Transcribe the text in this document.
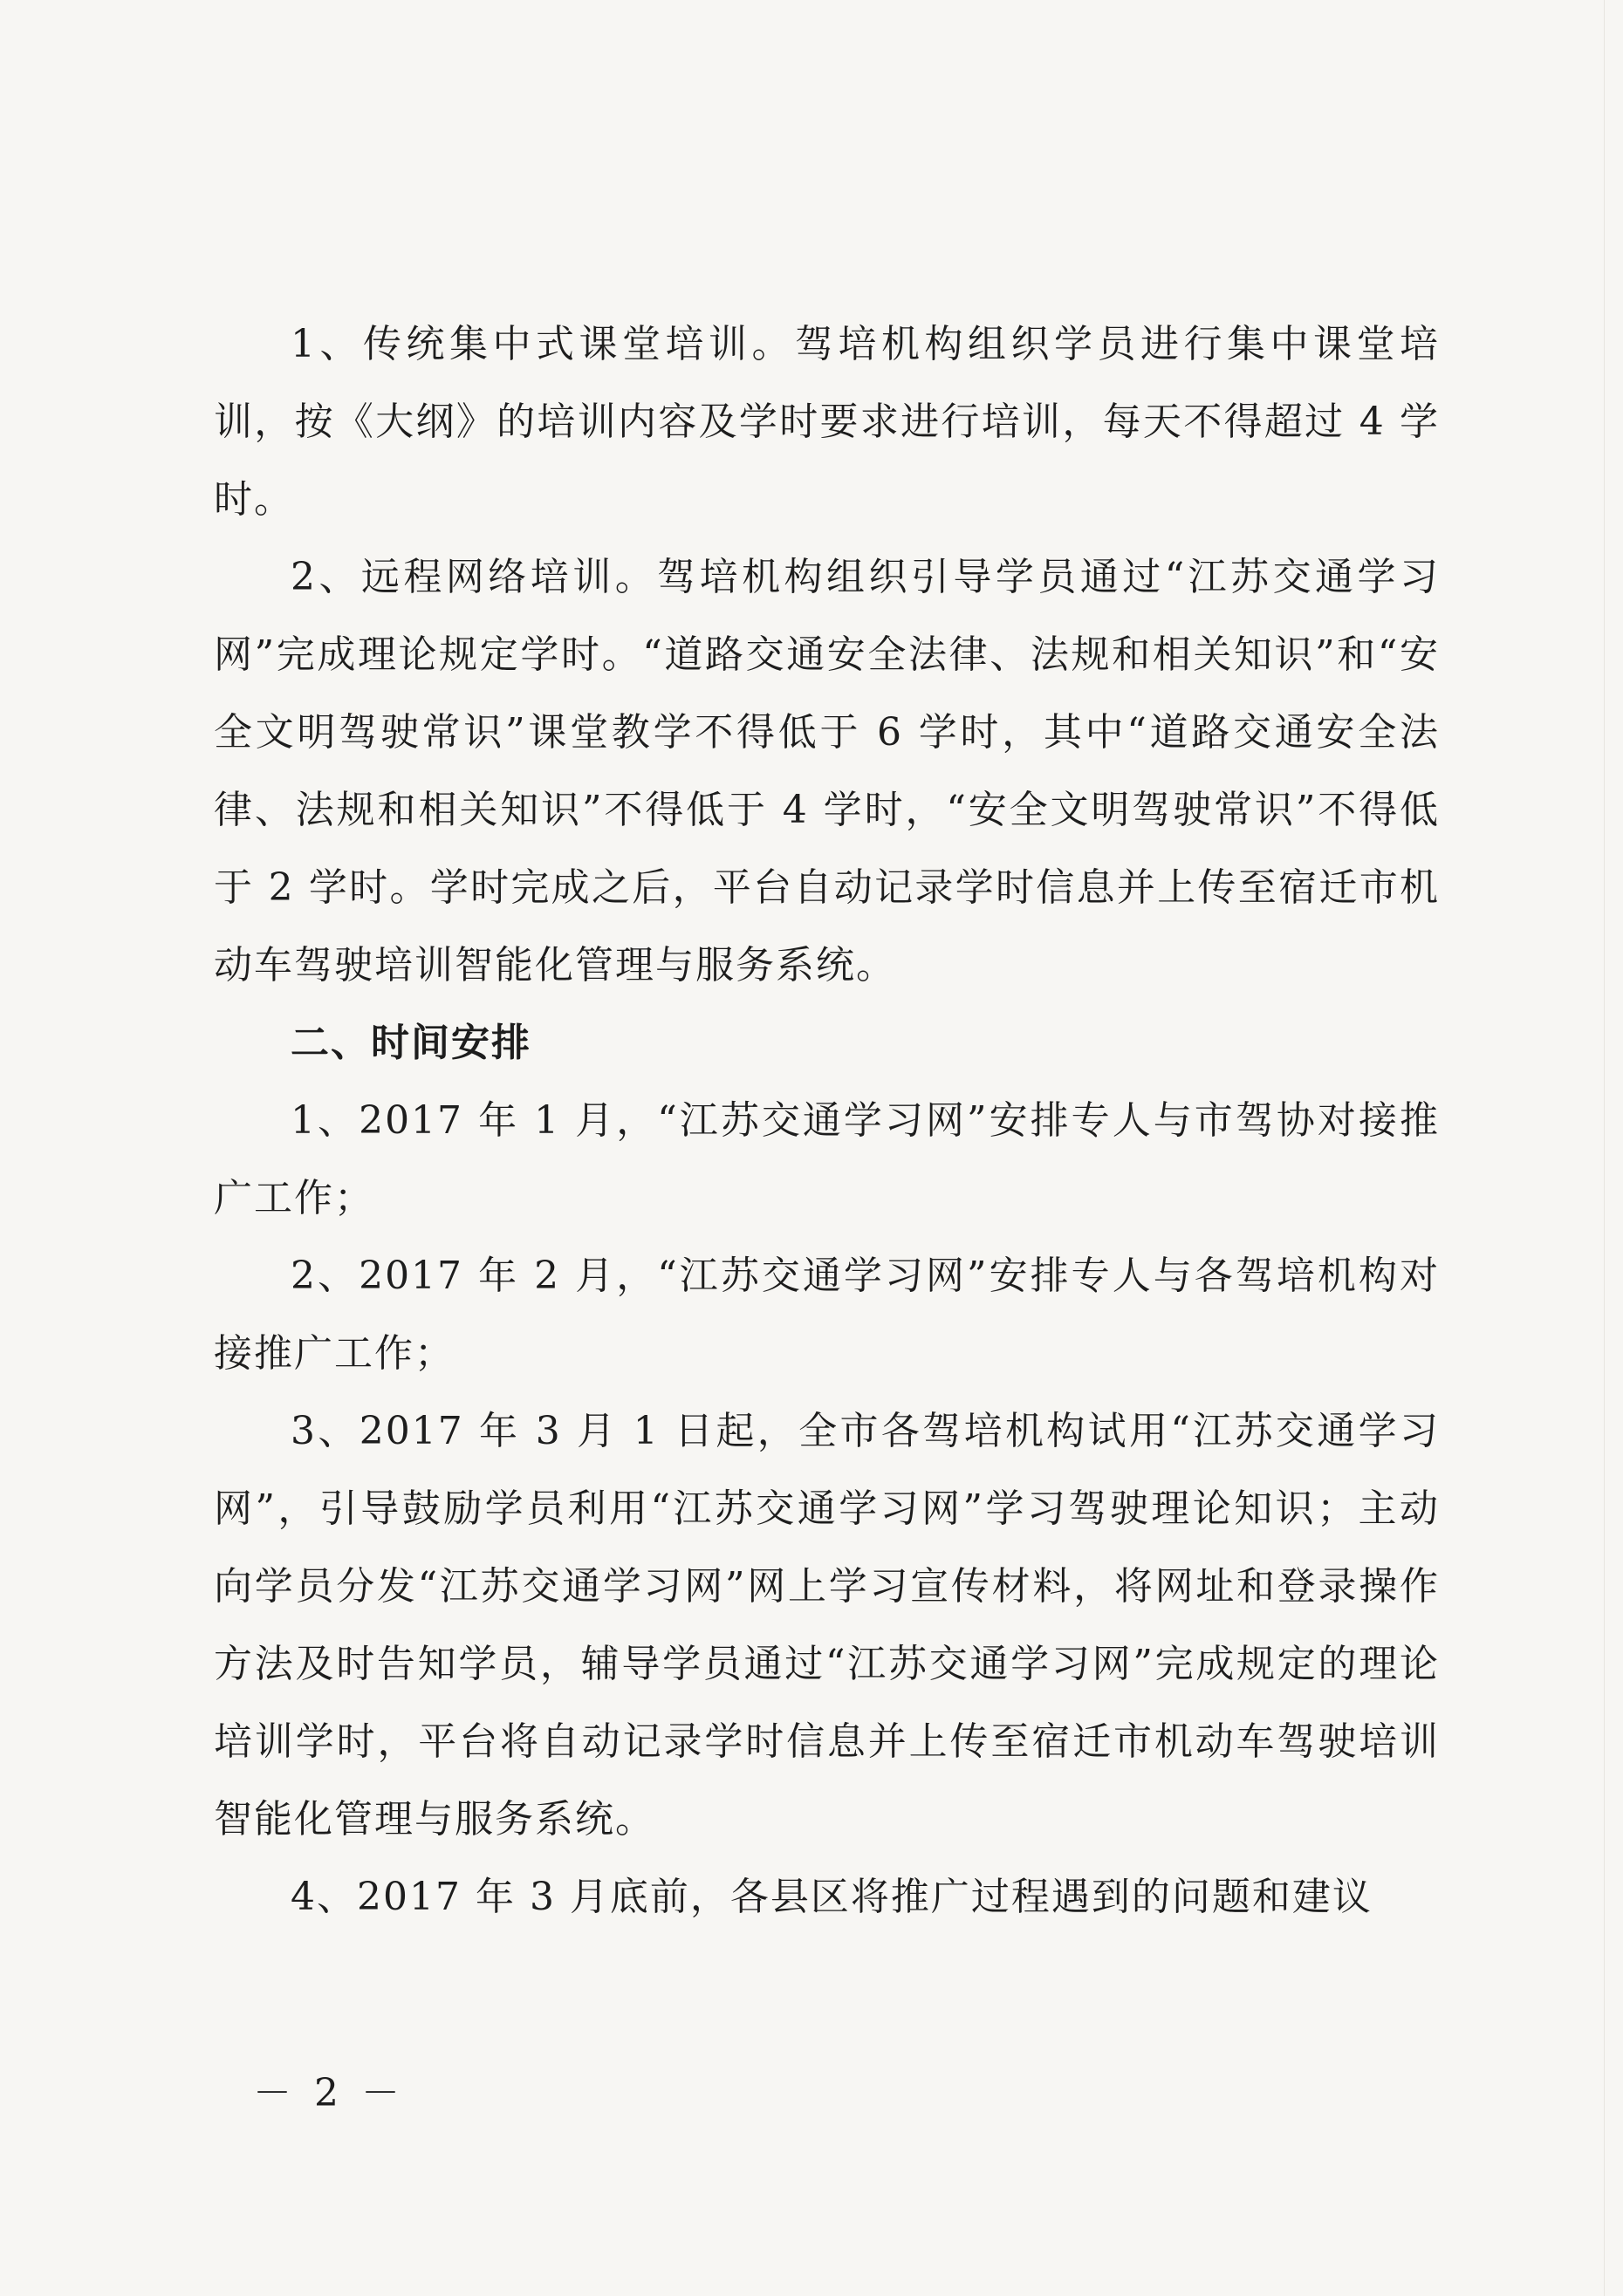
1、传统集中式课堂培训。驾培机构组织学员进行集中课堂培训，按《大纲》的培训内容及学时要求进行培训，每天不得超过 4 学时。

2、远程网络培训。驾培机构组织引导学员通过“江苏交通学习网”完成理论规定学时。“道路交通安全法律、法规和相关知识”和“安全文明驾驶常识”课堂教学不得低于 6 学时，其中“道路交通安全法律、法规和相关知识”不得低于 4 学时，“安全文明驾驶常识”不得低于 2 学时。学时完成之后，平台自动记录学时信息并上传至宿迁市机动车驾驶培训智能化管理与服务系统。

二、时间安排

1、2017 年 1 月，“江苏交通学习网”安排专人与市驾协对接推广工作；

2、2017 年 2 月，“江苏交通学习网”安排专人与各驾培机构对接推广工作；

3、2017 年 3 月 1 日起，全市各驾培机构试用“江苏交通学习网”，引导鼓励学员利用“江苏交通学习网”学习驾驶理论知识；主动向学员分发“江苏交通学习网”网上学习宣传材料，将网址和登录操作方法及时告知学员，辅导学员通过“江苏交通学习网”完成规定的理论培训学时，平台将自动记录学时信息并上传至宿迁市机动车驾驶培训智能化管理与服务系统。

4、2017 年 3 月底前，各县区将推广过程遇到的问题和建议

－ 2 －
